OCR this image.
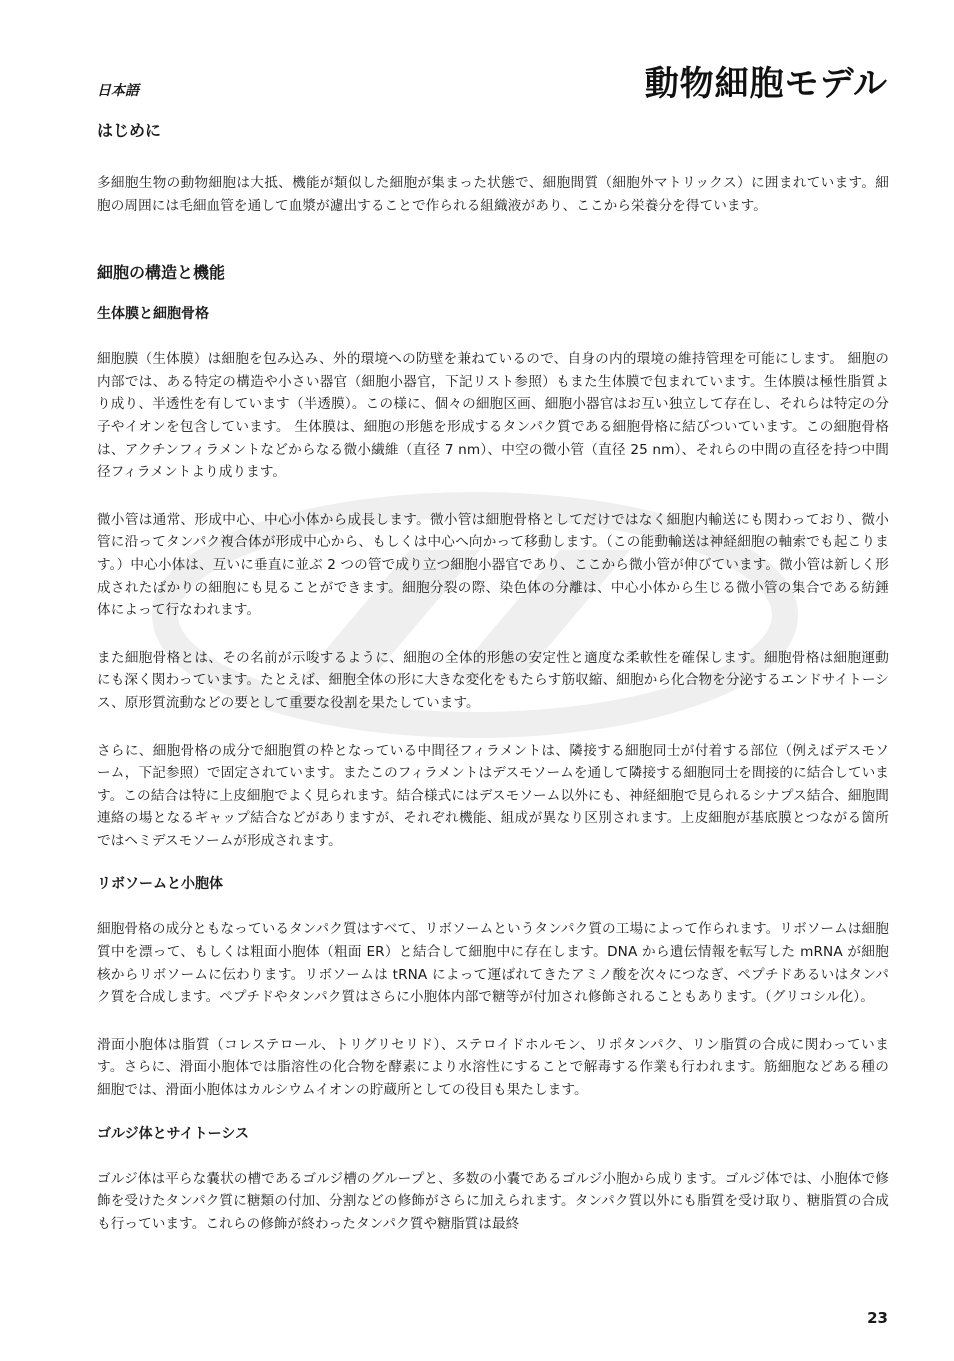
日本語	動物細胞モデル
はじめに

多細胞生物の動物細胞は大抵、機能が類似した細胞が集まった状態で、細胞間質（細胞外マトリックス）に囲まれています。細胞の周囲には毛細血管を通して血漿が濾出することで作られる組織液があり、ここから栄養分を得ています。

細胞の構造と機能
生体膜と細胞骨格

細胞膜（生体膜）は細胞を包み込み、外的環境への防壁を兼ねているので、自身の内的環境の維持管理を可能にします。 細胞の内部では、ある特定の構造や小さい器官（細胞小器官，下記リスト参照）もまた生体膜で包まれています。生体膜は極性脂質より成り、半透性を有しています（半透膜）。この様に、個々の細胞区画、細胞小器官はお互い独立して存在し、それらは特定の分子やイオンを包含しています。 生体膜は、細胞の形態を形成するタンパク質である細胞骨格に結びついています。この細胞骨格は、アクチンフィラメントなどからなる微小繊維（直径 7 nm）、中空の微小管（直径 25 nm）、それらの中間の直径を持つ中間径フィラメントより成ります。

微小管は通常、形成中心、中心小体から成長します。微小管は細胞骨格としてだけではなく細胞内輸送にも関わっており、微小管に沿ってタンパク複合体が形成中心から、もしくは中心へ向かって移動します。（この能動輸送は神経細胞の軸索でも起こります。）中心小体は、互いに垂直に並ぶ 2 つの管で成り立つ細胞小器官であり、ここから微小管が伸びています。微小管は新しく形成されたばかりの細胞にも見ることができます。細胞分裂の際、染色体の分離は、中心小体から生じる微小管の集合である紡錘体によって行なわれます。

また細胞骨格とは、その名前が示唆するように、細胞の全体的形態の安定性と適度な柔軟性を確保します。細胞骨格は細胞運動にも深く関わっています。たとえば、細胞全体の形に大きな変化をもたらす筋収縮、細胞から化合物を分泌するエンドサイトーシス、原形質流動などの要として重要な役割を果たしています。

さらに、細胞骨格の成分で細胞質の枠となっている中間径フィラメントは、隣接する細胞同士が付着する部位（例えばデスモソーム，下記参照）で固定されています。またこのフィラメントはデスモソームを通して隣接する細胞同士を間接的に結合しています。この結合は特に上皮細胞でよく見られます。結合様式にはデスモソーム以外にも、神経細胞で見られるシナプス結合、細胞間連絡の場となるギャップ結合などがありますが、それぞれ機能、組成が異なり区別されます。上皮細胞が基底膜とつながる箇所ではヘミデスモソームが形成されます。

リボソームと小胞体

細胞骨格の成分ともなっているタンパク質はすべて、リボソームというタンパク質の工場によって作られます。リボソームは細胞質中を漂って、もしくは粗面小胞体（粗面 ER）と結合して細胞中に存在します。DNA から遺伝情報を転写した mRNA が細胞核からリボソームに伝わります。リボソームは tRNA によって運ばれてきたアミノ酸を次々につなぎ、ペプチドあるいはタンパク質を合成します。ペプチドやタンパク質はさらに小胞体内部で糖等が付加され修飾されることもあります。（グリコシル化）。

滑面小胞体は脂質（コレステロール、トリグリセリド）、ステロイドホルモン、リポタンパク、リン脂質の合成に関わっています。さらに、滑面小胞体では脂溶性の化合物を酵素により水溶性にすることで解毒する作業も行われます。筋細胞などある種の細胞では、滑面小胞体はカルシウムイオンの貯蔵所としての役目も果たします。

ゴルジ体とサイトーシス

ゴルジ体は平らな嚢状の槽であるゴルジ槽のグループと、多数の小嚢であるゴルジ小胞から成ります。ゴルジ体では、小胞体で修飾を受けたタンパク質に糖類の付加、分割などの修飾がさらに加えられます。タンパク質以外にも脂質を受け取り、糖脂質の合成も行っています。これらの修飾が終わったタンパク質や糖脂質は最終

23
